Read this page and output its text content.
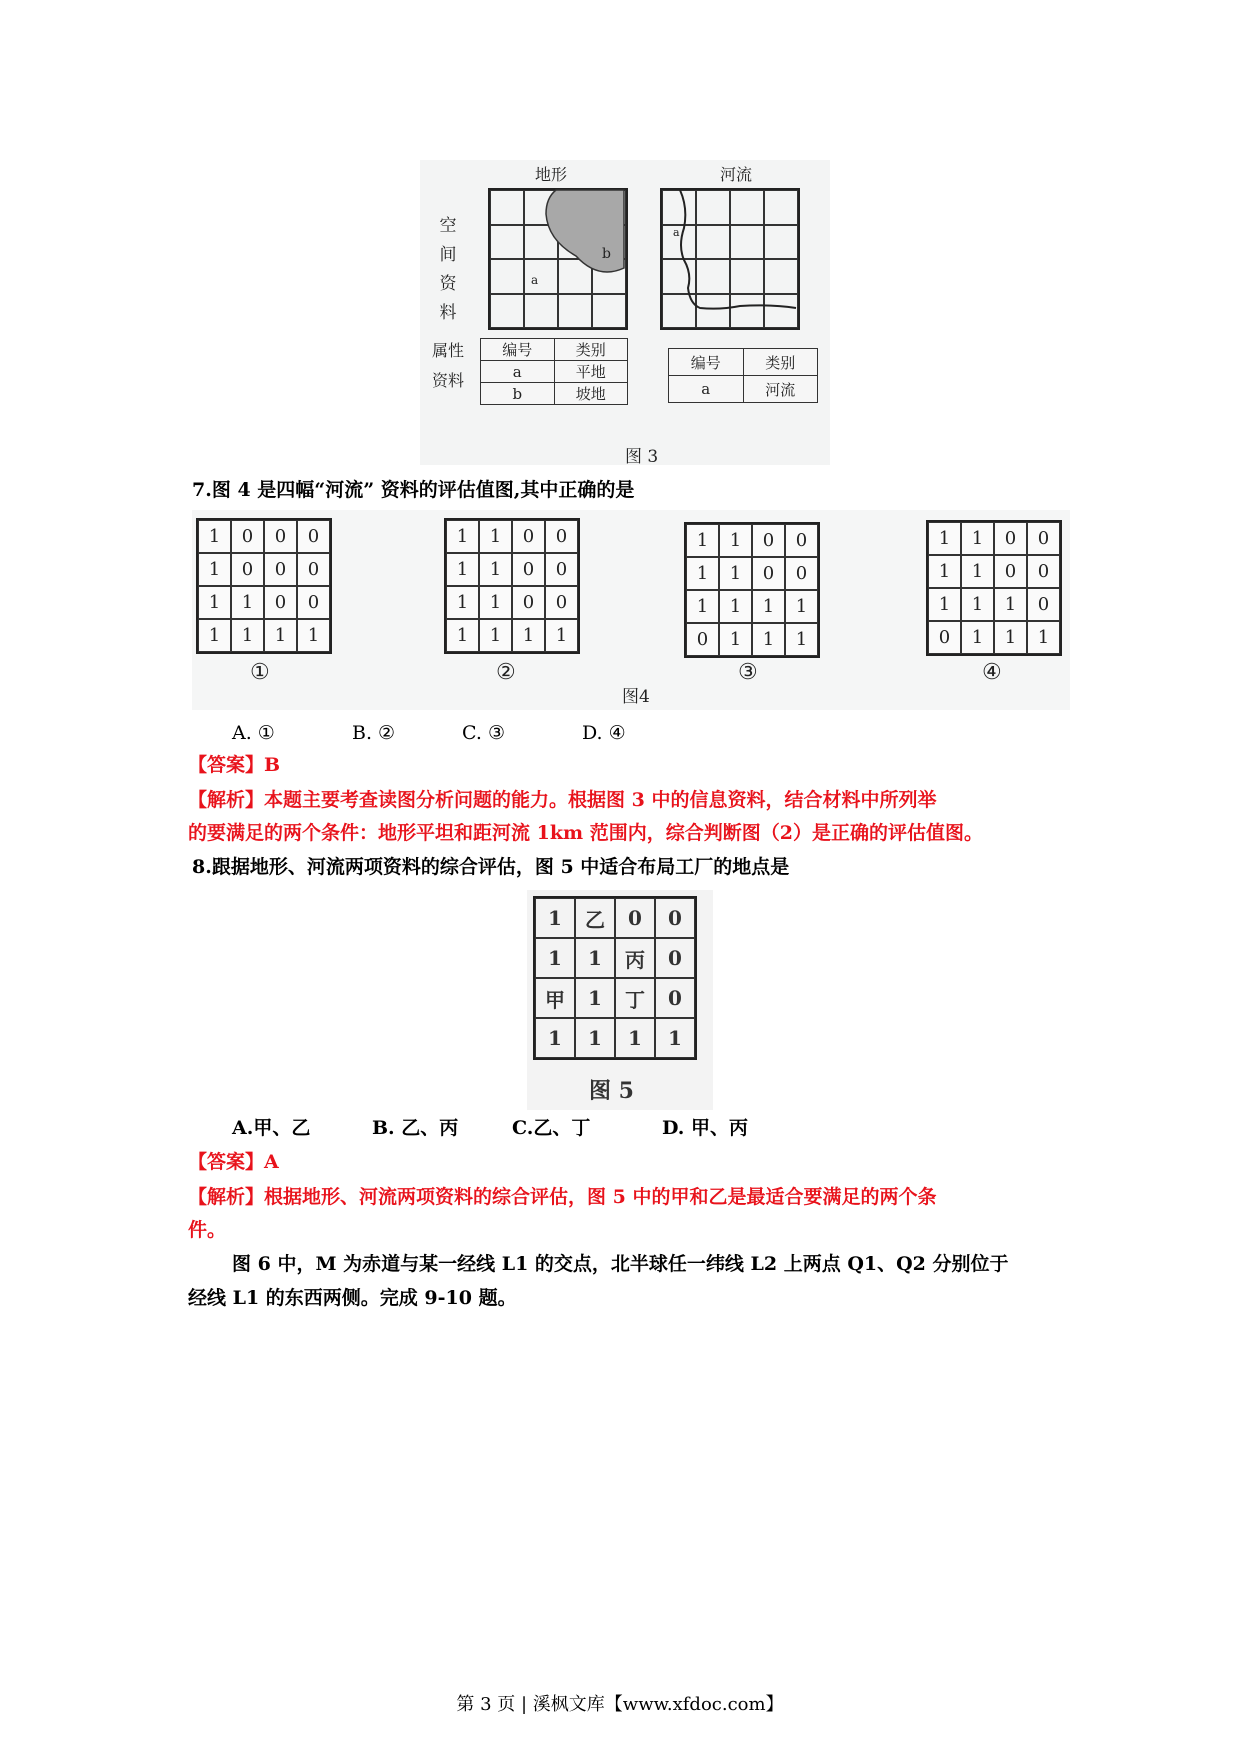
地形	河流
空
间
资
料
a
b
a
属性
资料
编号	类别
a	平地
b	坡地
编号	类别
a	河流
图 3
7.图 4 是四幅“河流” 资料的评估值图,其中正确的是
1	0	0	0
1	0	0	0
1	1	0	0
1	1	1	1
1	1	0	0
1	1	0	0
1	1	0	0
1	1	1	1
1	1	0	0
1	1	0	0
1	1	1	1
0	1	1	1
1	1	0	0
1	1	0	0
1	1	1	0
0	1	1	1
①	②	③	④
图4
A. ①	B. ②	C. ③	D. ④
【答案】B
【解析】本题主要考查读图分析问题的能力。根据图 3 中的信息资料，结合材料中所列举
的要满足的两个条件：地形平坦和距河流 1km 范围内，综合判断图（2）是正确的评估值图。
8.跟据地形、河流两项资料的综合评估，图 5 中适合布局工厂的地点是
1	乙	0	0
1	1	丙	0
甲	1	丁	0
1	1	1	1
图 5
A.甲、乙	B. 乙、丙	C.乙、丁	D. 甲、丙
【答案】A
【解析】根据地形、河流两项资料的综合评估，图 5 中的甲和乙是最适合要满足的两个条
件。
图 6 中，M 为赤道与某一经线 L1 的交点，北半球任一纬线 L2 上两点 Q1、Q2 分别位于
经线 L1 的东西两侧。完成 9-10 题。
第 3 页 | 溪枫文库【www.xfdoc.com】
